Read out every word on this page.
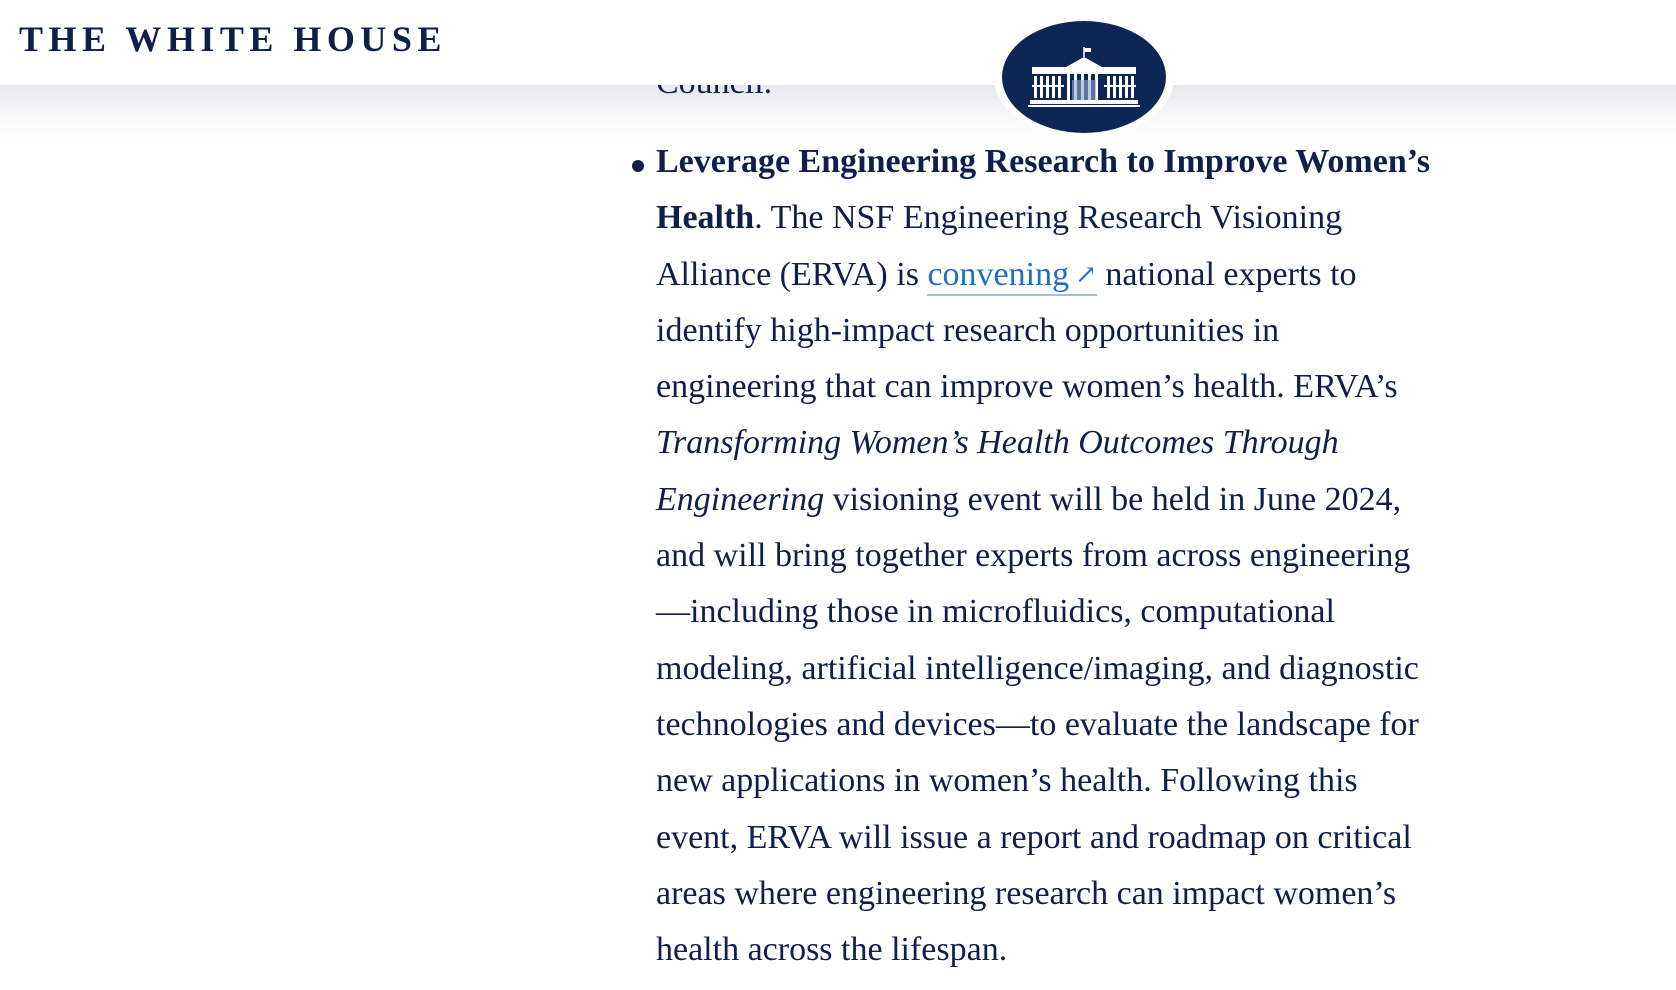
Leverage Engineering Research to Improve Women’s
Health. The NSF Engineering Research Visioning
Alliance (ERVA) is convening ↗ national experts to
identify high-impact research opportunities in
engineering that can improve women’s health. ERVA’s
Transforming Women’s Health Outcomes Through
Engineering visioning event will be held in June 2024,
and will bring together experts from across engineering
—including those in microfluidics, computational
modeling, artificial intelligence/imaging, and diagnostic
technologies and devices—to evaluate the landscape for
new applications in women’s health. Following this
event, ERVA will issue a report and roadmap on critical
areas where engineering research can impact women’s
health across the lifespan.
THE WHITE HOUSE
